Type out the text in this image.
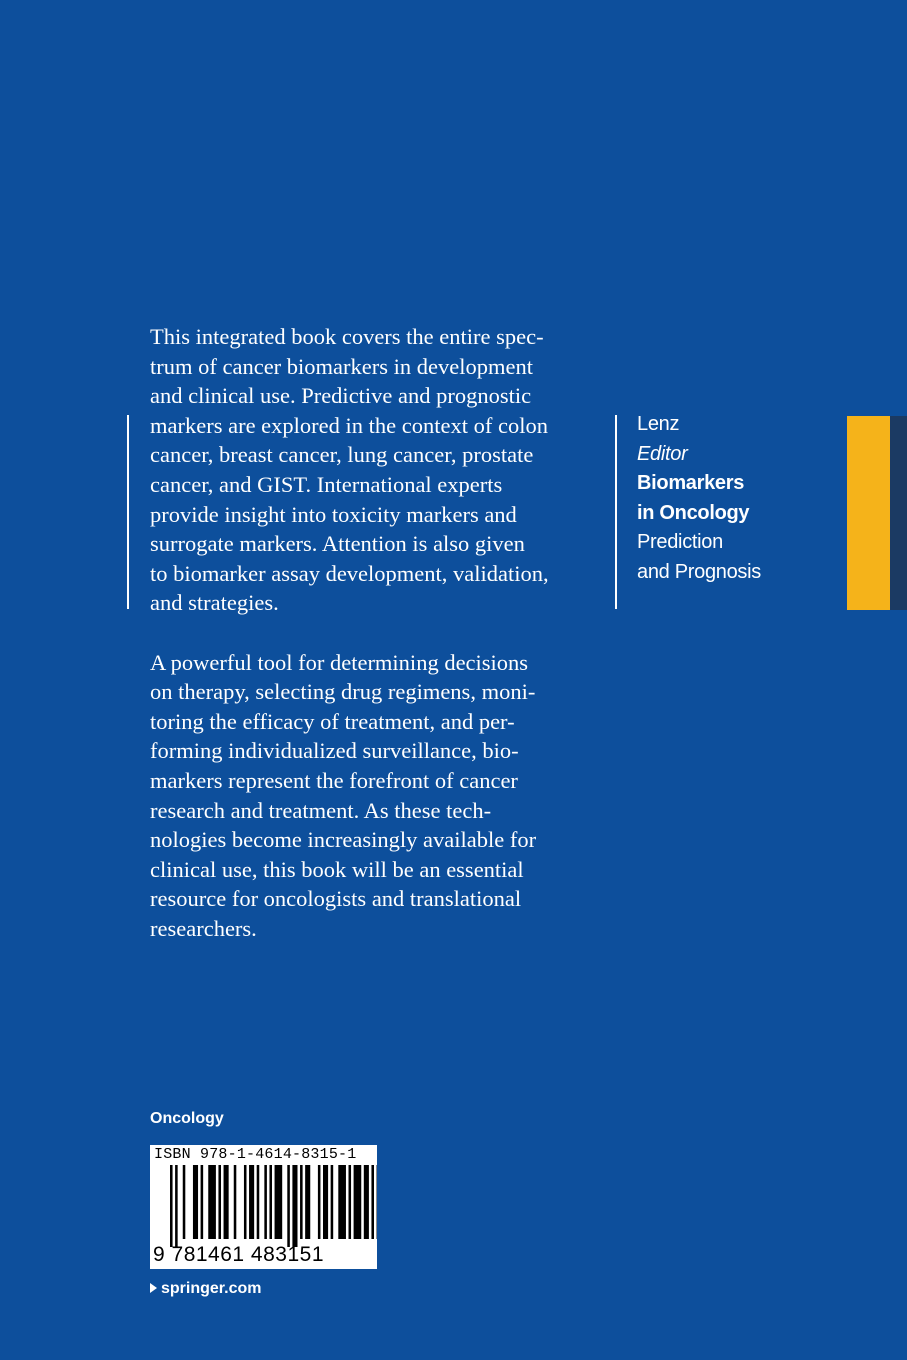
This integrated book covers the entire spec-
trum of cancer biomarkers in development
and clinical use. Predictive and prognostic
markers are explored in the context of colon
cancer, breast cancer, lung cancer, prostate
cancer, and GIST. International experts
provide insight into toxicity markers and
surrogate markers. Attention is also given
to biomarker assay development, validation,
and strategies.

A powerful tool for determining decisions
on therapy, selecting drug regimens, moni-
toring the efficacy of treatment, and per-
forming individualized surveillance, bio-
markers represent the forefront of cancer
research and treatment. As these tech-
nologies become increasingly available for
clinical use, this book will be an essential
resource for oncologists and translational
researchers.

Lenz
Editor
Biomarkers
in Oncology
Prediction
and Prognosis
Oncology
ISBN 978-1-4614-8315-1
9 781461 483151
springer.com
